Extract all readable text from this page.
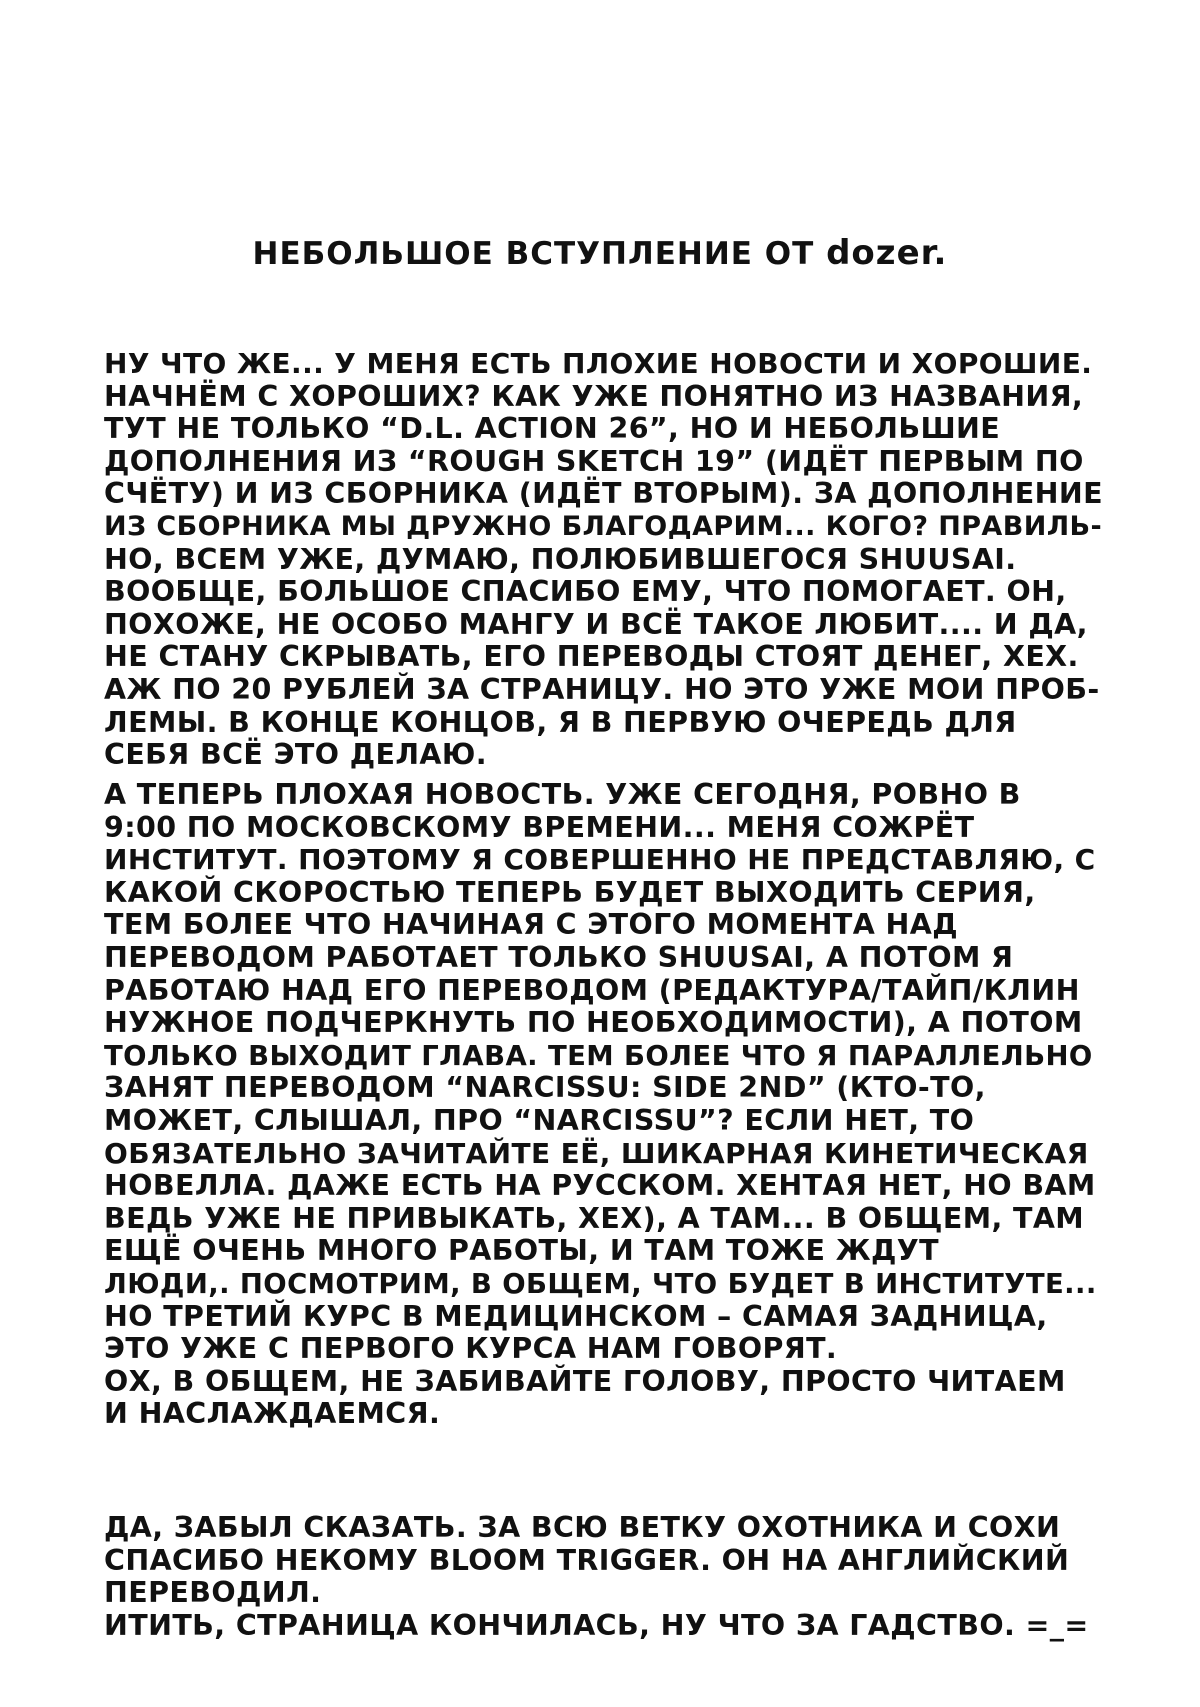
НЕБОЛЬШОЕ ВСТУПЛЕНИЕ ОТ dozer.
НУ ЧТО ЖЕ... У МЕНЯ ЕСТЬ ПЛОХИЕ НОВОСТИ И ХОРОШИЕ.
НАЧНЁМ С ХОРОШИХ? КАК УЖЕ ПОНЯТНО ИЗ НАЗВАНИЯ,
ТУТ НЕ ТОЛЬКО “D.L. ACTION 26”, НО И НЕБОЛЬШИЕ
ДОПОЛНЕНИЯ ИЗ “ROUGH SKETCH 19” (ИДЁТ ПЕРВЫМ ПО
СЧЁТУ) И ИЗ СБОРНИКА (ИДЁТ ВТОРЫМ). ЗА ДОПОЛНЕНИЕ
ИЗ СБОРНИКА МЫ ДРУЖНО БЛАГОДАРИМ... КОГО? ПРАВИЛЬ-
НО, ВСЕМ УЖЕ, ДУМАЮ, ПОЛЮБИВШЕГОСЯ SHUUSAI.
ВООБЩЕ, БОЛЬШОЕ СПАСИБО ЕМУ, ЧТО ПОМОГАЕТ. ОН,
ПОХОЖЕ, НЕ ОСОБО МАНГУ И ВСЁ ТАКОЕ ЛЮБИТ.... И ДА,
НЕ СТАНУ СКРЫВАТЬ, ЕГО ПЕРЕВОДЫ СТОЯТ ДЕНЕГ, ХЕХ.
АЖ ПО 20 РУБЛЕЙ ЗА СТРАНИЦУ. НО ЭТО УЖЕ МОИ ПРОБ-
ЛЕМЫ. В КОНЦЕ КОНЦОВ, Я В ПЕРВУЮ ОЧЕРЕДЬ ДЛЯ
СЕБЯ ВСЁ ЭТО ДЕЛАЮ.
А ТЕПЕРЬ ПЛОХАЯ НОВОСТЬ. УЖЕ СЕГОДНЯ, РОВНО В
9:00 ПО МОСКОВСКОМУ ВРЕМЕНИ... МЕНЯ СОЖРЁТ
ИНСТИТУТ. ПОЭТОМУ Я СОВЕРШЕННО НЕ ПРЕДСТАВЛЯЮ, С
КАКОЙ СКОРОСТЬЮ ТЕПЕРЬ БУДЕТ ВЫХОДИТЬ СЕРИЯ,
ТЕМ БОЛЕЕ ЧТО НАЧИНАЯ С ЭТОГО МОМЕНТА НАД
ПЕРЕВОДОМ РАБОТАЕТ ТОЛЬКО SHUUSAI, А ПОТОМ Я
РАБОТАЮ НАД ЕГО ПЕРЕВОДОМ (РЕДАКТУРА/ТАЙП/КЛИН
НУЖНОЕ ПОДЧЕРКНУТЬ ПО НЕОБХОДИМОСТИ), А ПОТОМ
ТОЛЬКО ВЫХОДИТ ГЛАВА. ТЕМ БОЛЕЕ ЧТО Я ПАРАЛЛЕЛЬНО
ЗАНЯТ ПЕРЕВОДОМ “NARCISSU: SIDE 2ND” (КТО-ТО,
МОЖЕТ, СЛЫШАЛ, ПРО “NARCISSU”? ЕСЛИ НЕТ, ТО
ОБЯЗАТЕЛЬНО ЗАЧИТАЙТЕ ЕЁ, ШИКАРНАЯ КИНЕТИЧЕСКАЯ
НОВЕЛЛА. ДАЖЕ ЕСТЬ НА РУССКОМ. ХЕНТАЯ НЕТ, НО ВАМ
ВЕДЬ УЖЕ НЕ ПРИВЫКАТЬ, ХЕХ), А ТАМ... В ОБЩЕМ, ТАМ
ЕЩЁ ОЧЕНЬ МНОГО РАБОТЫ, И ТАМ ТОЖЕ ЖДУТ
ЛЮДИ,. ПОСМОТРИМ, В ОБЩЕМ, ЧТО БУДЕТ В ИНСТИТУТЕ...
НО ТРЕТИЙ КУРС В МЕДИЦИНСКОМ – САМАЯ ЗАДНИЦА,
ЭТО УЖЕ С ПЕРВОГО КУРСА НАМ ГОВОРЯТ.
ОХ, В ОБЩЕМ, НЕ ЗАБИВАЙТЕ ГОЛОВУ, ПРОСТО ЧИТАЕМ
И НАСЛАЖДАЕМСЯ.
ДА, ЗАБЫЛ СКАЗАТЬ. ЗА ВСЮ ВЕТКУ ОХОТНИКА И СОХИ
СПАСИБО НЕКОМУ BLOOM TRIGGER. ОН НА АНГЛИЙСКИЙ
ПЕРЕВОДИЛ.
ИТИТЬ, СТРАНИЦА КОНЧИЛАСЬ, НУ ЧТО ЗА ГАДСТВО. =_=
